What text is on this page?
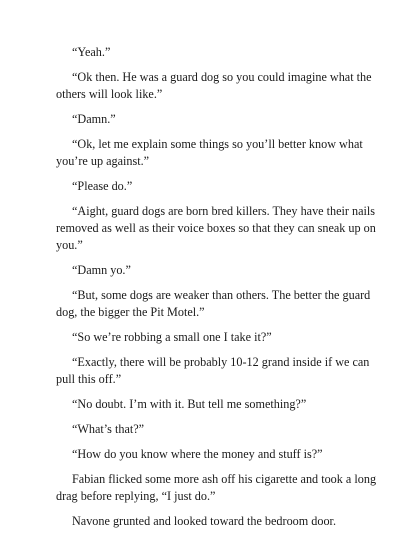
“Yeah.”

“Ok then. He was a guard dog so you could imagine what the others will look like.”

“Damn.”

“Ok, let me explain some things so you’ll better know what you’re up against.”

“Please do.”

“Aight, guard dogs are born bred killers. They have their nails removed as well as their voice boxes so that they can sneak up on you.”

“Damn yo.”

“But, some dogs are weaker than others. The better the guard dog, the bigger the Pit Motel.”

“So we’re robbing a small one I take it?”

“Exactly, there will be probably 10-12 grand inside if we can pull this off.”

“No doubt. I’m with it. But tell me something?”

“What’s that?”

“How do you know where the money and stuff is?”

Fabian flicked some more ash off his cigarette and took a long drag before replying, “I just do.”

Navone grunted and looked toward the bedroom door.
